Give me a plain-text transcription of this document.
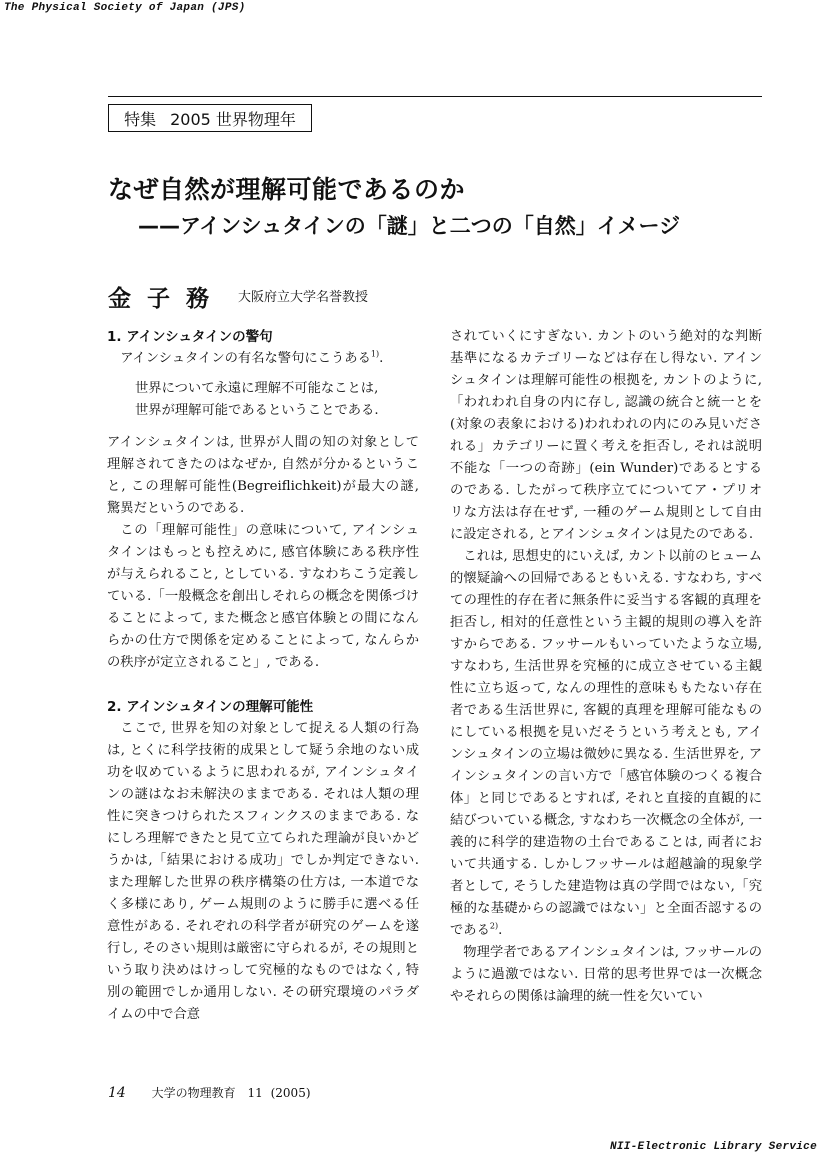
The Physical Society of Japan (JPS)
特集 2005 世界物理年
なぜ自然が理解可能であるのか
——アインシュタインの「謎」と二つの「自然」イメージ
金子務 大阪府立大学名誉教授

1. アインシュタインの警句

アインシュタインの有名な警句にこうある$^{1)}$.

世界について永遠に理解不可能なことは,
世界が理解可能であるということである.

アインシュタインは, 世界が人間の知の対象として理解されてきたのはなぜか, 自然が分かるということ, この理解可能性(Begreiflichkeit)が最大の謎, 驚異だというのである.

この「理解可能性」の意味について, アインシュタインはもっとも控えめに, 感官体験にある秩序性が与えられること, としている. すなわちこう定義している.「一般概念を創出しそれらの概念を関係づけることによって, また概念と感官体験との間になんらかの仕方で関係を定めることによって, なんらかの秩序が定立されること」, である.

2. アインシュタインの理解可能性

ここで, 世界を知の対象として捉える人類の行為は, とくに科学技術的成果として疑う余地のない成功を収めているように思われるが, アインシュタインの謎はなお未解決のままである. それは人類の理性に突きつけられたスフィンクスのままである. なにしろ理解できたと見て立てられた理論が良いかどうかは,「結果における成功」でしか判定できない. また理解した世界の秩序構築の仕方は, 一本道でなく多様にあり, ゲーム規則のように勝手に選べる任意性がある. それぞれの科学者が研究のゲームを遂行し, そのさい規則は厳密に守られるが, その規則という取り決めはけっして究極的なものではなく, 特別の範囲でしか通用しない. その研究環境のパラダイムの中で合意

されていくにすぎない. カントのいう絶対的な判断基準になるカテゴリーなどは存在し得ない. アインシュタインは理解可能性の根拠を, カントのように,「われわれ自身の内に存し, 認識の統合と統一とを(対象の表象における)われわれの内にのみ見いだされる」カテゴリーに置く考えを拒否し, それは説明不能な「一つの奇跡」(ein Wunder)であるとするのである. したがって秩序立てについてア・プリオリな方法は存在せず, 一種のゲーム規則として自由に設定される, とアインシュタインは見たのである.

これは, 思想史的にいえば, カント以前のヒューム的懐疑論への回帰であるともいえる. すなわち, すべての理性的存在者に無条件に妥当する客観的真理を拒否し, 相対的任意性という主観的規則の導入を許すからである. フッサールもいっていたような立場, すなわち, 生活世界を究極的に成立させている主観性に立ち返って, なんの理性的意味ももたない存在者である生活世界に, 客観的真理を理解可能なものにしている根拠を見いだそうという考えとも, アインシュタインの立場は微妙に異なる. 生活世界を, アインシュタインの言い方で「感官体験のつくる複合体」と同じであるとすれば, それと直接的直観的に結びついている概念, すなわち一次概念の全体が, 一義的に科学的建造物の土台であることは, 両者において共通する. しかしフッサールは超越論的現象学者として, そうした建造物は真の学問ではない,「究極的な基礎からの認識ではない」と全面否認するのである$^{2)}$.

物理学者であるアインシュタインは, フッサールのように過激ではない. 日常的思考世界では一次概念やそれらの関係は論理的統一性を欠いてい

14 大学の物理教育 11 (2005)
NII-Electronic Library Service
